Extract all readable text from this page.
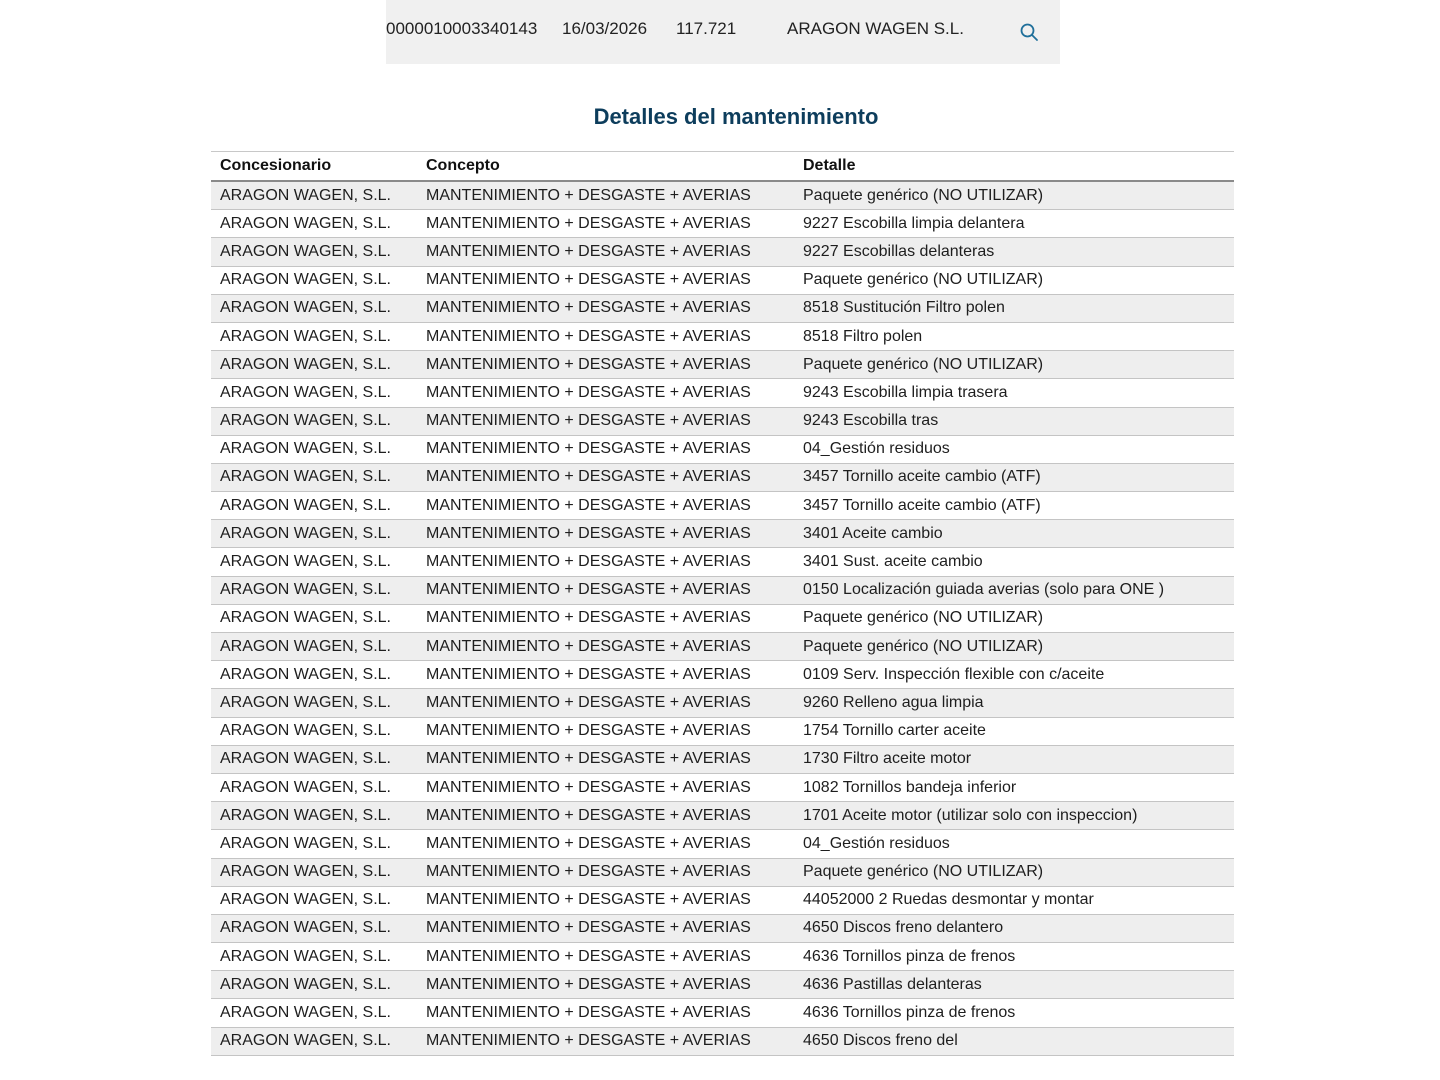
0000010003340143 16/03/2026 117.721	ARAGON WAGEN S.L.
Detalles del mantenimiento
Concesionario	Concepto	Detalle
ARAGON WAGEN, S.L.	MANTENIMIENTO + DESGASTE + AVERIAS	Paquete genérico (NO UTILIZAR)
ARAGON WAGEN, S.L.	MANTENIMIENTO + DESGASTE + AVERIAS	9227 Escobilla limpia delantera
ARAGON WAGEN, S.L.	MANTENIMIENTO + DESGASTE + AVERIAS	9227 Escobillas delanteras
ARAGON WAGEN, S.L.	MANTENIMIENTO + DESGASTE + AVERIAS	Paquete genérico (NO UTILIZAR)
ARAGON WAGEN, S.L.	MANTENIMIENTO + DESGASTE + AVERIAS	8518 Sustitución Filtro polen
ARAGON WAGEN, S.L.	MANTENIMIENTO + DESGASTE + AVERIAS	8518 Filtro polen
ARAGON WAGEN, S.L.	MANTENIMIENTO + DESGASTE + AVERIAS	Paquete genérico (NO UTILIZAR)
ARAGON WAGEN, S.L.	MANTENIMIENTO + DESGASTE + AVERIAS	9243 Escobilla limpia trasera
ARAGON WAGEN, S.L.	MANTENIMIENTO + DESGASTE + AVERIAS	9243 Escobilla tras
ARAGON WAGEN, S.L.	MANTENIMIENTO + DESGASTE + AVERIAS	04_Gestión residuos
ARAGON WAGEN, S.L.	MANTENIMIENTO + DESGASTE + AVERIAS	3457 Tornillo aceite cambio (ATF)
ARAGON WAGEN, S.L.	MANTENIMIENTO + DESGASTE + AVERIAS	3457 Tornillo aceite cambio (ATF)
ARAGON WAGEN, S.L.	MANTENIMIENTO + DESGASTE + AVERIAS	3401 Aceite cambio
ARAGON WAGEN, S.L.	MANTENIMIENTO + DESGASTE + AVERIAS	3401 Sust. aceite cambio
ARAGON WAGEN, S.L.	MANTENIMIENTO + DESGASTE + AVERIAS	0150 Localización guiada averias (solo para ONE )
ARAGON WAGEN, S.L.	MANTENIMIENTO + DESGASTE + AVERIAS	Paquete genérico (NO UTILIZAR)
ARAGON WAGEN, S.L.	MANTENIMIENTO + DESGASTE + AVERIAS	Paquete genérico (NO UTILIZAR)
ARAGON WAGEN, S.L.	MANTENIMIENTO + DESGASTE + AVERIAS	0109 Serv. Inspección flexible con c/aceite
ARAGON WAGEN, S.L.	MANTENIMIENTO + DESGASTE + AVERIAS	9260 Relleno agua limpia
ARAGON WAGEN, S.L.	MANTENIMIENTO + DESGASTE + AVERIAS	1754 Tornillo carter aceite
ARAGON WAGEN, S.L.	MANTENIMIENTO + DESGASTE + AVERIAS	1730 Filtro aceite motor
ARAGON WAGEN, S.L.	MANTENIMIENTO + DESGASTE + AVERIAS	1082 Tornillos bandeja inferior
ARAGON WAGEN, S.L.	MANTENIMIENTO + DESGASTE + AVERIAS	1701 Aceite motor (utilizar solo con inspeccion)
ARAGON WAGEN, S.L.	MANTENIMIENTO + DESGASTE + AVERIAS	04_Gestión residuos
ARAGON WAGEN, S.L.	MANTENIMIENTO + DESGASTE + AVERIAS	Paquete genérico (NO UTILIZAR)
ARAGON WAGEN, S.L.	MANTENIMIENTO + DESGASTE + AVERIAS	44052000 2 Ruedas desmontar y montar
ARAGON WAGEN, S.L.	MANTENIMIENTO + DESGASTE + AVERIAS	4650 Discos freno delantero
ARAGON WAGEN, S.L.	MANTENIMIENTO + DESGASTE + AVERIAS	4636 Tornillos pinza de frenos
ARAGON WAGEN, S.L.	MANTENIMIENTO + DESGASTE + AVERIAS	4636 Pastillas delanteras
ARAGON WAGEN, S.L.	MANTENIMIENTO + DESGASTE + AVERIAS	4636 Tornillos pinza de frenos
ARAGON WAGEN, S.L.	MANTENIMIENTO + DESGASTE + AVERIAS	4650 Discos freno del
